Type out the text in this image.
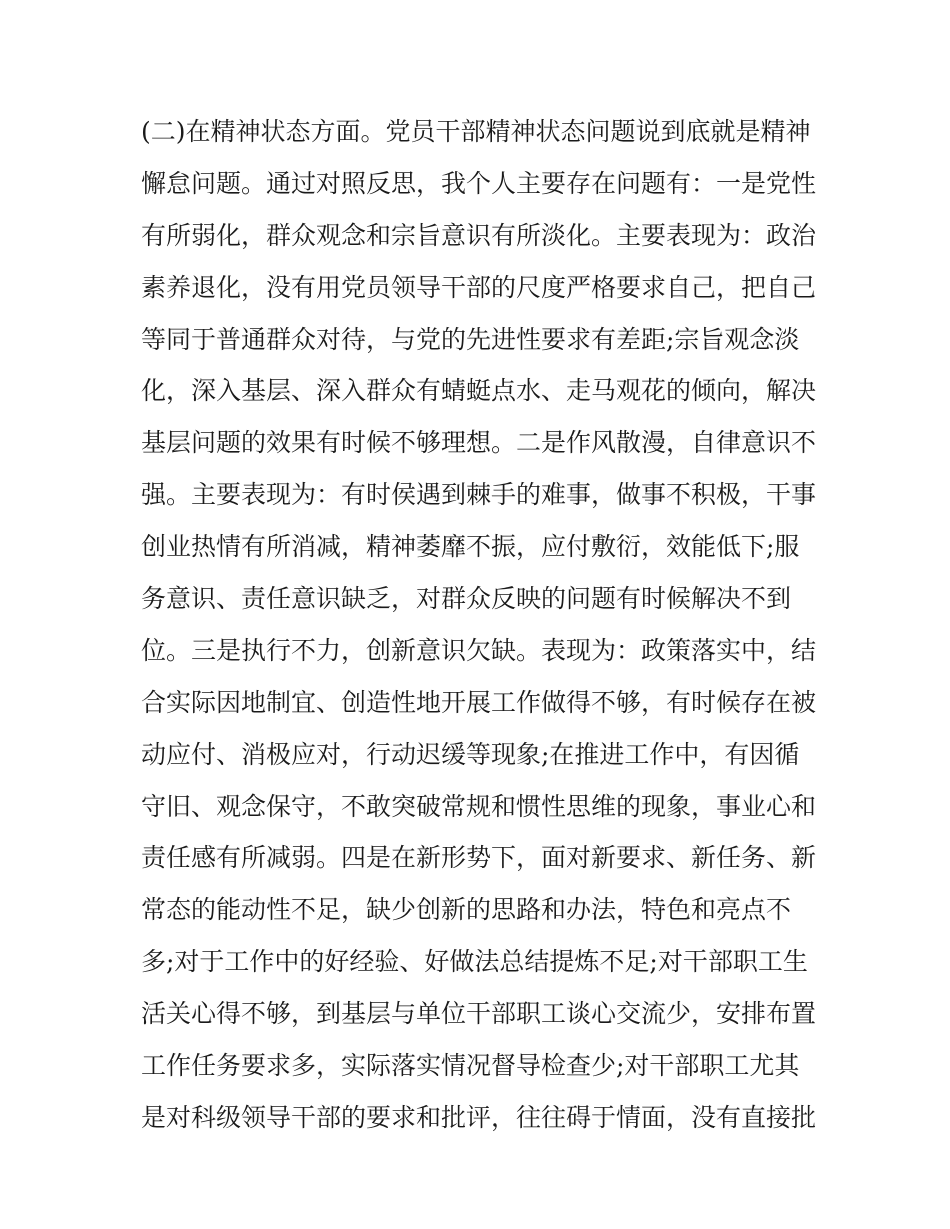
(二)在精神状态方面。党员干部精神状态问题说到底就是精神
懈怠问题。通过对照反思，我个人主要存在问题有：一是党性
有所弱化，群众观念和宗旨意识有所淡化。主要表现为：政治
素养退化，没有用党员领导干部的尺度严格要求自己，把自己
等同于普通群众对待，与党的先进性要求有差距;宗旨观念淡
化，深入基层、深入群众有蜻蜓点水、走马观花的倾向，解决
基层问题的效果有时候不够理想。二是作风散漫，自律意识不
强。主要表现为：有时侯遇到棘手的难事，做事不积极，干事
创业热情有所消减，精神萎靡不振，应付敷衍，效能低下;服
务意识、责任意识缺乏，对群众反映的问题有时候解决不到
位。三是执行不力，创新意识欠缺。表现为：政策落实中，结
合实际因地制宜、创造性地开展工作做得不够，有时候存在被
动应付、消极应对，行动迟缓等现象;在推进工作中，有因循
守旧、观念保守，不敢突破常规和惯性思维的现象，事业心和
责任感有所减弱。四是在新形势下，面对新要求、新任务、新
常态的能动性不足，缺少创新的思路和办法，特色和亮点不
多;对于工作中的好经验、好做法总结提炼不足;对干部职工生
活关心得不够，到基层与单位干部职工谈心交流少，安排布置
工作任务要求多，实际落实情况督导检查少;对干部职工尤其
是对科级领导干部的要求和批评，往往碍于情面，没有直接批
